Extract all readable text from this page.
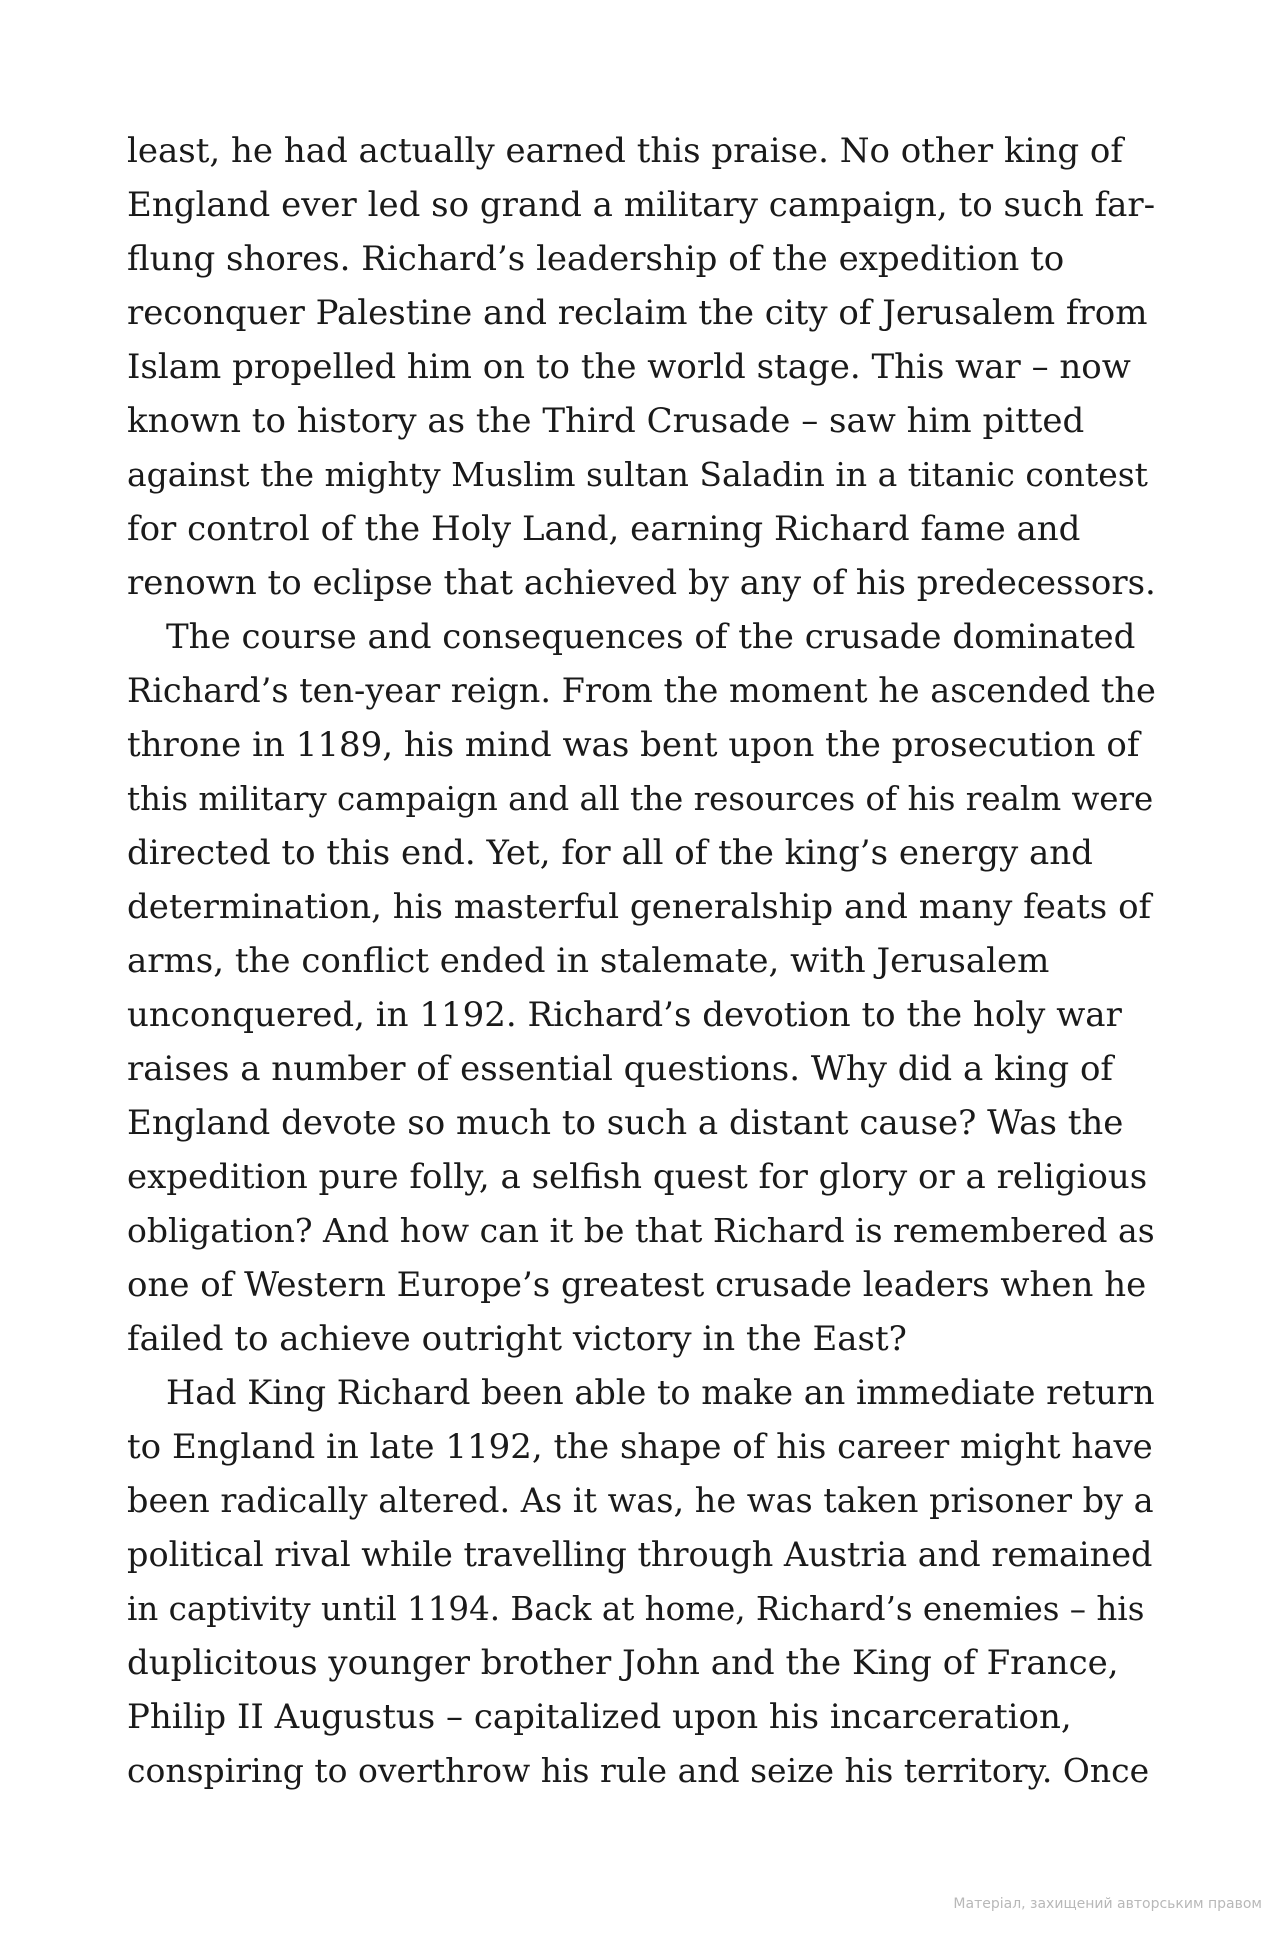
least, he had actually earned this praise. No other king of
England ever led so grand a military campaign, to such far-
flung shores. Richard’s leadership of the expedition to
reconquer Palestine and reclaim the city of Jerusalem from
Islam propelled him on to the world stage. This war – now
known to history as the Third Crusade – saw him pitted
against the mighty Muslim sultan Saladin in a titanic contest
for control of the Holy Land, earning Richard fame and
renown to eclipse that achieved by any of his predecessors.
The course and consequences of the crusade dominated
Richard’s ten-year reign. From the moment he ascended the
throne in 1189, his mind was bent upon the prosecution of
this military campaign and all the resources of his realm were
directed to this end. Yet, for all of the king’s energy and
determination, his masterful generalship and many feats of
arms, the conflict ended in stalemate, with Jerusalem
unconquered, in 1192. Richard’s devotion to the holy war
raises a number of essential questions. Why did a king of
England devote so much to such a distant cause? Was the
expedition pure folly, a selfish quest for glory or a religious
obligation? And how can it be that Richard is remembered as
one of Western Europe’s greatest crusade leaders when he
failed to achieve outright victory in the East?
Had King Richard been able to make an immediate return
to England in late 1192, the shape of his career might have
been radically altered. As it was, he was taken prisoner by a
political rival while travelling through Austria and remained
in captivity until 1194. Back at home, Richard’s enemies – his
duplicitous younger brother John and the King of France,
Philip II Augustus – capitalized upon his incarceration,
conspiring to overthrow his rule and seize his territory. Once
Матеріал, захищений авторським правом
